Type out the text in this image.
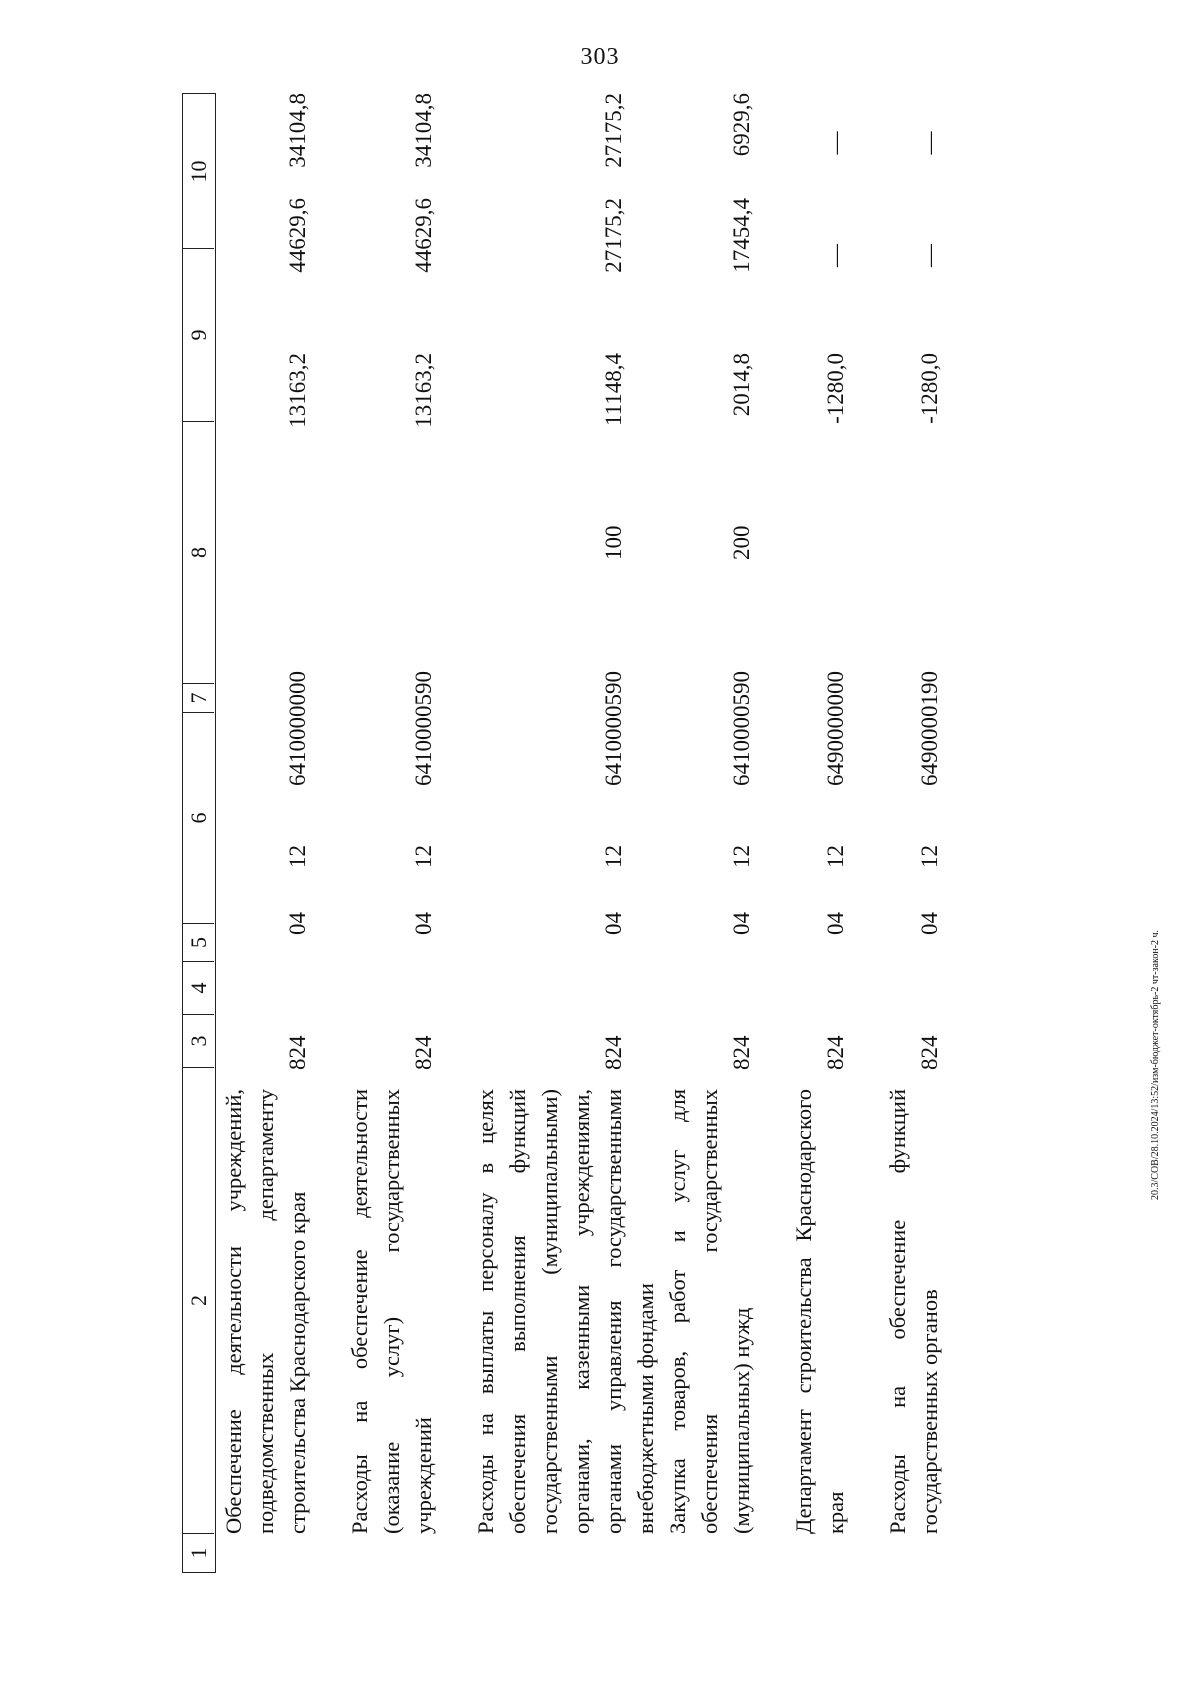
303
20.3/СОВ/28.10.2024/13:52/изм-бюджет-октябрь-2 чт-закон-2 ч.
1
2
3
4
5
6
7
8
9
10
Обеспечение деятельности учреждений, подведомственных департаменту строительства Краснодарского края
824
04
12
6410000000
13163,2
44629,6
34104,8
Расходы на обеспечение деятельности (оказание услуг) государственных учреждений
824
04
12
6410000590
13163,2
44629,6
34104,8
Расходы на выплаты персоналу в целях обеспечения выполнения функций государственными (муниципальными) органами, казенными учреждениями, органами управления государственными внебюджетными фондами
824
04
12
6410000590
100
11148,4
27175,2
27175,2
Закупка товаров, работ и услуг для обеспечения государственных (муниципальных) нужд
824
04
12
6410000590
200
2014,8
17454,4
6929,6
Департамент строительства Краснодарского края
824
04
12
6490000000
-1280,0
—
—
Расходы на обеспечение функций государственных органов
824
04
12
6490000190
-1280,0
—
—
